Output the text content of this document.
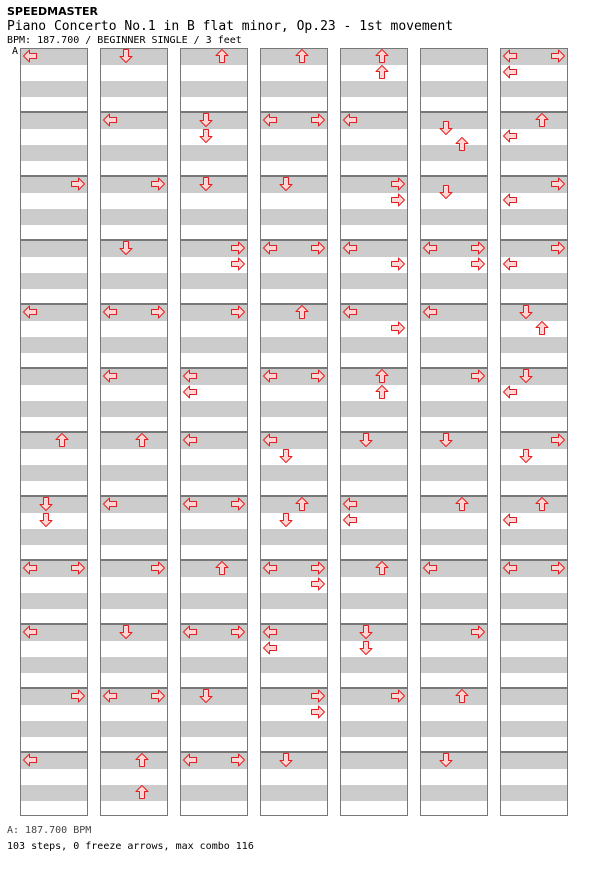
SPEEDMASTER
Piano Concerto No.1 in B flat minor, Op.23 - 1st movement
BPM: 187.700 / BEGINNER SINGLE / 3 feet
A
A: 187.700 BPM
103 steps, 0 freeze arrows, max combo 116
